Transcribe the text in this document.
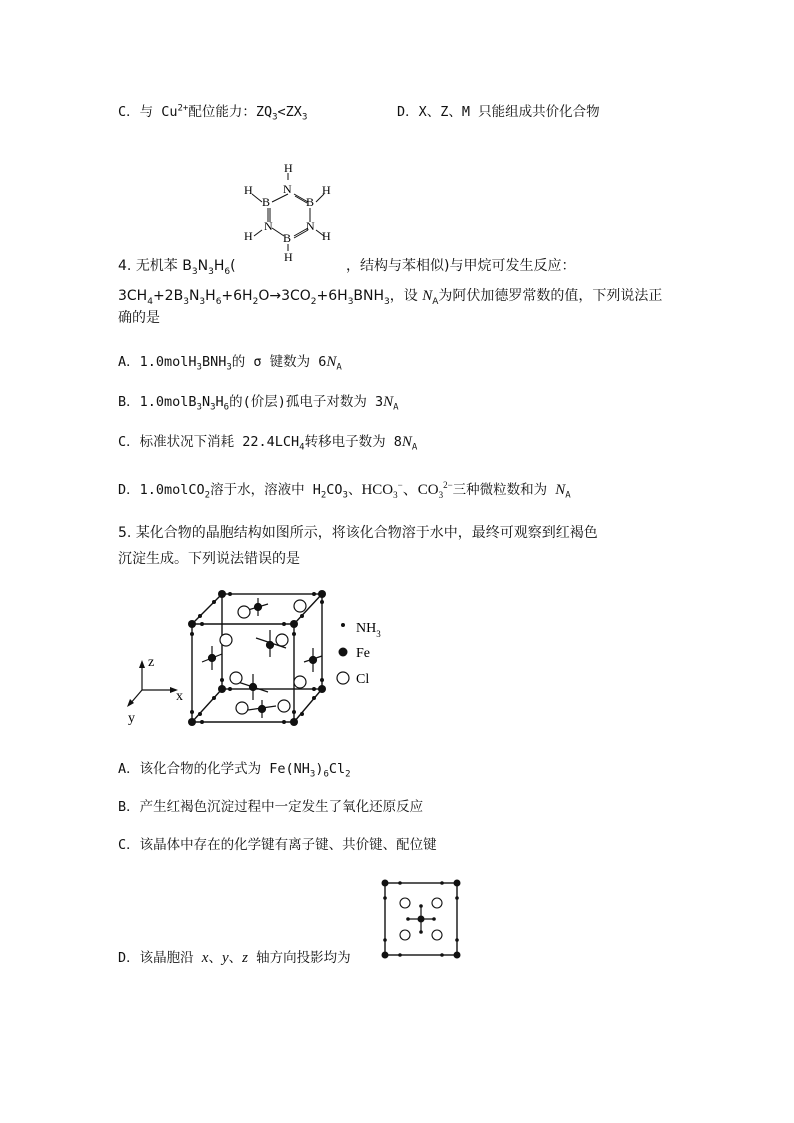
C．与 $Cu^{2+}$配位能力：$ZQ_3<ZX_3$	D．X、Z、M 只能组成共价化合物
H
N
B
H
B
H
N
H
N
H
B
H
4. 无机苯 $B_3N_3H_6$(	，结构与苯相似)与甲烷可发生反应：
$3CH_4+2B_3N_3H_6+6H_2O\to 3CO_2+6H_3BNH_3$，设 $N_A$为阿伏加德罗常数的值，下列说法正
确的是
A．$1.0molH_3BNH_3$的 σ 键数为 $6N_A$
B．$1.0molB_3N_3H_6$的(价层)孤电子对数为 $3N_A$
C．标准状况下消耗 $22.4LCH_4$转移电子数为 $8N_A$
D．1.0molCO$_2$溶于水，溶液中 $H_2CO_3$、$HCO_3^-$、$CO_3^{2-}$三种微粒数和为 $N_A$
5. 某化合物的晶胞结构如图所示，将该化合物溶于水中，最终可观察到红褐色
沉淀生成。下列说法错误的是
z
x
y
$NH_3$
Fe
Cl
A．该化合物的化学式为 $Fe(NH_3)_6Cl_2$
B．产生红褐色沉淀过程中一定发生了氧化还原反应
C．该晶体中存在的化学键有离子键、共价键、配位键
D．该晶胞沿 x、y、z 轴方向投影均为
